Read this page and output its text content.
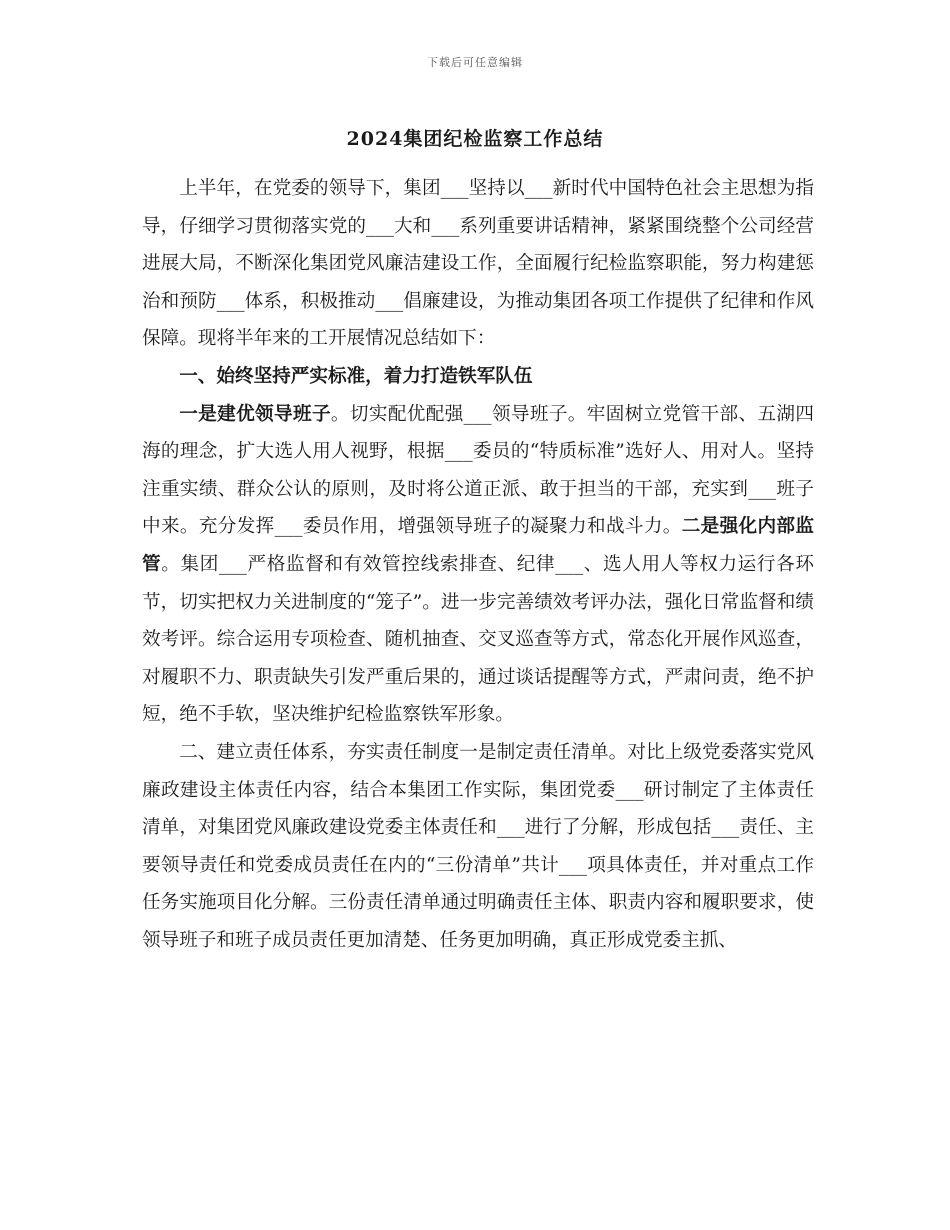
下载后可任意编辑
2024集团纪检监察工作总结

上半年，在党委的领导下，集团___坚持以___新时代中国特色社会主思想为指导，仔细学习贯彻落实党的___大和___系列重要讲话精神，紧紧围绕整个公司经营进展大局，不断深化集团党风廉洁建设工作，全面履行纪检监察职能，努力构建惩治和预防___体系，积极推动___倡廉建设，为推动集团各项工作提供了纪律和作风保障。现将半年来的工开展情况总结如下：

一、始终坚持严实标准，着力打造铁军队伍

一是建优领导班子。切实配优配强___领导班子。牢固树立党管干部、五湖四海的理念，扩大选人用人视野，根据___委员的“特质标准”选好人、用对人。坚持注重实绩、群众公认的原则，及时将公道正派、敢于担当的干部，充实到___班子中来。充分发挥___委员作用，增强领导班子的凝聚力和战斗力。二是强化内部监管。集团___严格监督和有效管控线索排查、纪律___、选人用人等权力运行各环节，切实把权力关进制度的“笼子”。进一步完善绩效考评办法，强化日常监督和绩效考评。综合运用专项检查、随机抽查、交叉巡查等方式，常态化开展作风巡查，对履职不力、职责缺失引发严重后果的，通过谈话提醒等方式，严肃问责，绝不护短，绝不手软，坚决维护纪检监察铁军形象。

二、建立责任体系，夯实责任制度一是制定责任清单。对比上级党委落实党风廉政建设主体责任内容，结合本集团工作实际，集团党委___研讨制定了主体责任清单，对集团党风廉政建设党委主体责任和___进行了分解，形成包括___责任、主要领导责任和党委成员责任在内的“三份清单”共计___项具体责任，并对重点工作任务实施项目化分解。三份责任清单通过明确责任主体、职责内容和履职要求，使领导班子和班子成员责任更加清楚、任务更加明确，真正形成党委主抓、
